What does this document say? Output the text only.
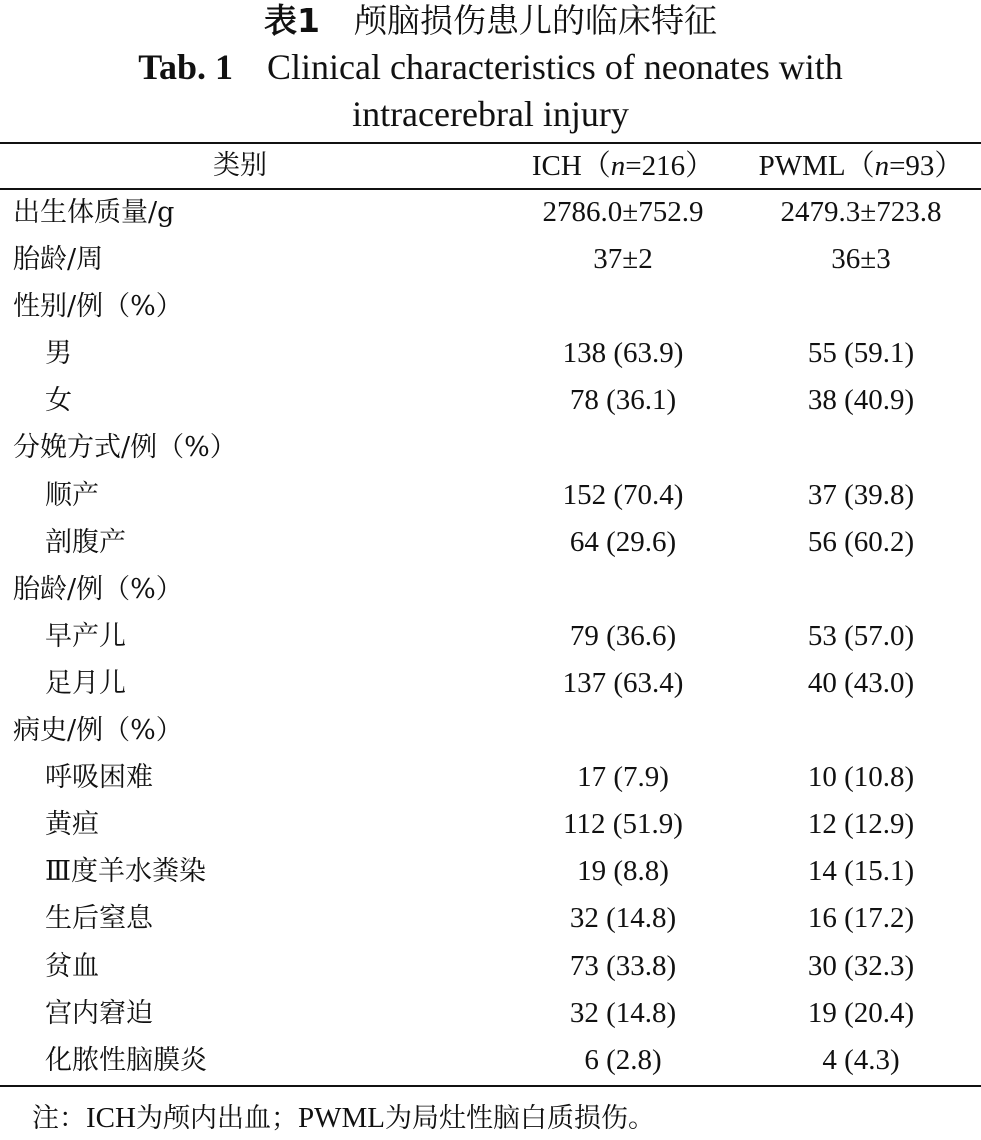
表1 颅脑损伤患儿的临床特征
Tab. 1 Clinical characteristics of neonates with
intracerebral injury
类别	ICH（n=216）	PWML（n=93）
出生体质量/g	2786.0±752.9	2479.3±723.8
胎龄/周	37±2	36±3
性别/例（%）
男	138 (63.9)	55 (59.1)
女	78 (36.1)	38 (40.9)
分娩方式/例（%）
顺产	152 (70.4)	37 (39.8)
剖腹产	64 (29.6)	56 (60.2)
胎龄/例（%）
早产儿	79 (36.6)	53 (57.0)
足月儿	137 (63.4)	40 (43.0)
病史/例（%）
呼吸困难	17 (7.9)	10 (10.8)
黄疸	112 (51.9)	12 (12.9)
Ⅲ度羊水粪染	19 (8.8)	14 (15.1)
生后窒息	32 (14.8)	16 (17.2)
贫血	73 (33.8)	30 (32.3)
宫内窘迫	32 (14.8)	19 (20.4)
化脓性脑膜炎	6 (2.8)	4 (4.3)
注：ICH为颅内出血；PWML为局灶性脑白质损伤。
